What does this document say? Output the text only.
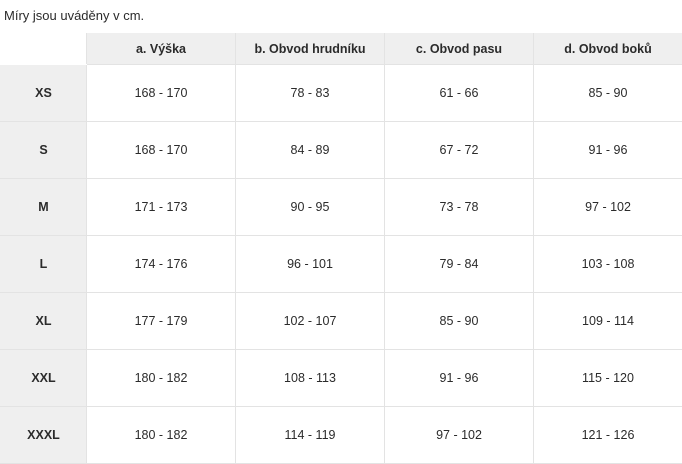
Míry jsou uváděny v cm.
	a. Výška	b. Obvod hrudníku	c. Obvod pasu	d. Obvod boků
XS	168 - 170	78 - 83	61 - 66	85 - 90
S	168 - 170	84 - 89	67 - 72	91 - 96
M	171 - 173	90 - 95	73 - 78	97 - 102
L	174 - 176	96 - 101	79 - 84	103 - 108
XL	177 - 179	102 - 107	85 - 90	109 - 114
XXL	180 - 182	108 - 113	91 - 96	115 - 120
XXXL	180 - 182	114 - 119	97 - 102	121 - 126
